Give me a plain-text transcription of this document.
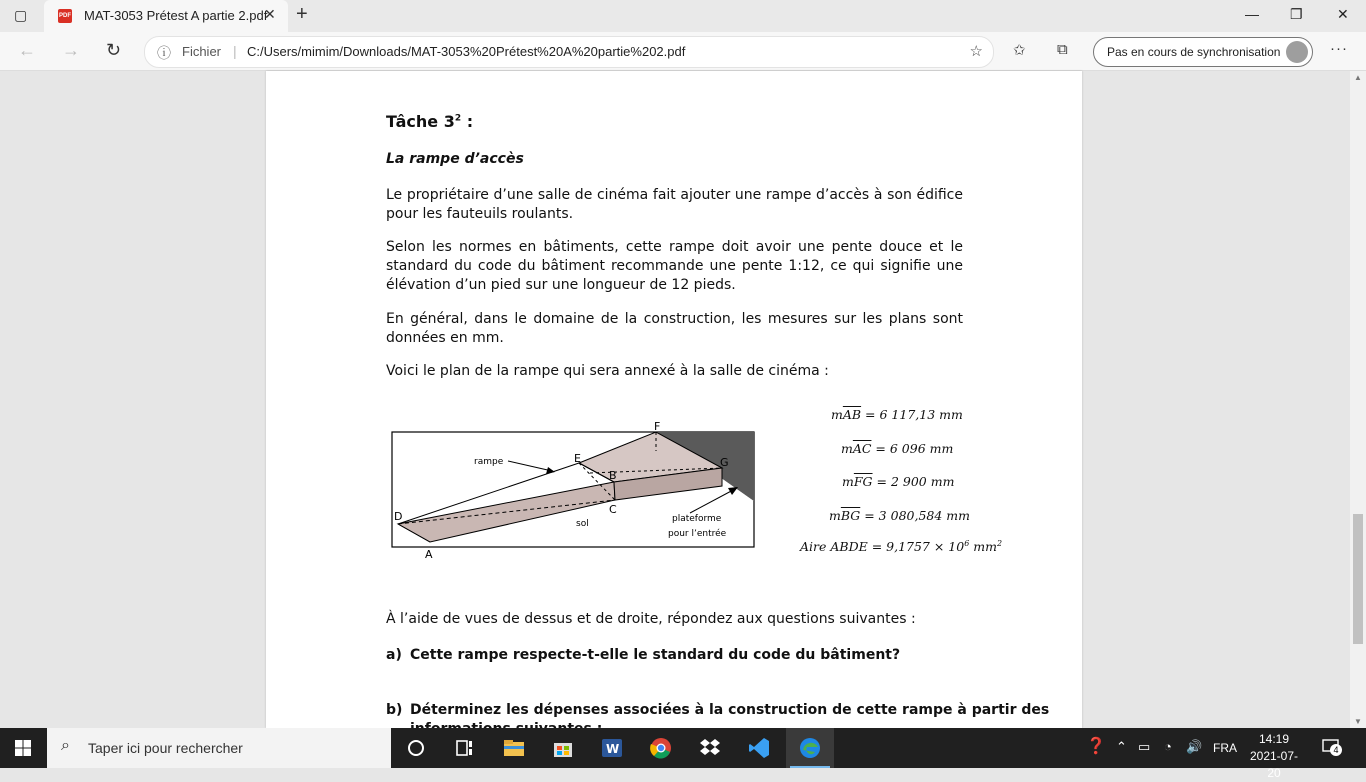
▢	PDF MAT-3053 Prétest A partie 2.pdf
✕ +	— ❐ ✕
← → ↻	ⓘ Fichier | C:/Users/mimim/Downloads/MAT-3053%20Prétest%20A%20partie%202.pdf	☆ ✩ ⧉	Pas en cours de synchronisation	···
Tâche $3^2$ :
La rampe d’accès
Le propriétaire d’une salle de cinéma fait ajouter une rampe d’accès à son édifice pour les fauteuils roulants.
Selon les normes en bâtiments, cette rampe doit avoir une pente douce et le standard du code du bâtiment recommande une pente 1:12, ce qui signifie une élévation d’un pied sur une longueur de 12 pieds.
En général, dans le domaine de la construction, les mesures sur les plans sont données en mm.
Voici le plan de la rampe qui sera annexé à la salle de cinéma :
F
E
B
G
C
D
A
rampe
sol	plateforme
pour l’entrée
$m\overline{AB} = 6$ 117,13 mm
$m\overline{AC} = 6$ 096 mm
$m\overline{FG} = 2$ 900 mm
$m\overline{BG} = 3$ 080,584 mm
Aire ABDE = $9,1757 \times 10^6$ $mm^2$
À l’aide de vues de dessus et de droite, répondez aux questions suivantes :
a) Cette rampe respecte-t-elle le standard du code du bâtiment?
b) Déterminez les dépenses associées à la construction de cette rampe à partir des
▲
▼
⌕ Taper ici pour rechercher	W	❓ ⌃ ▭ ◔ 🔊 FRA
14:19
2021-07-20
4
